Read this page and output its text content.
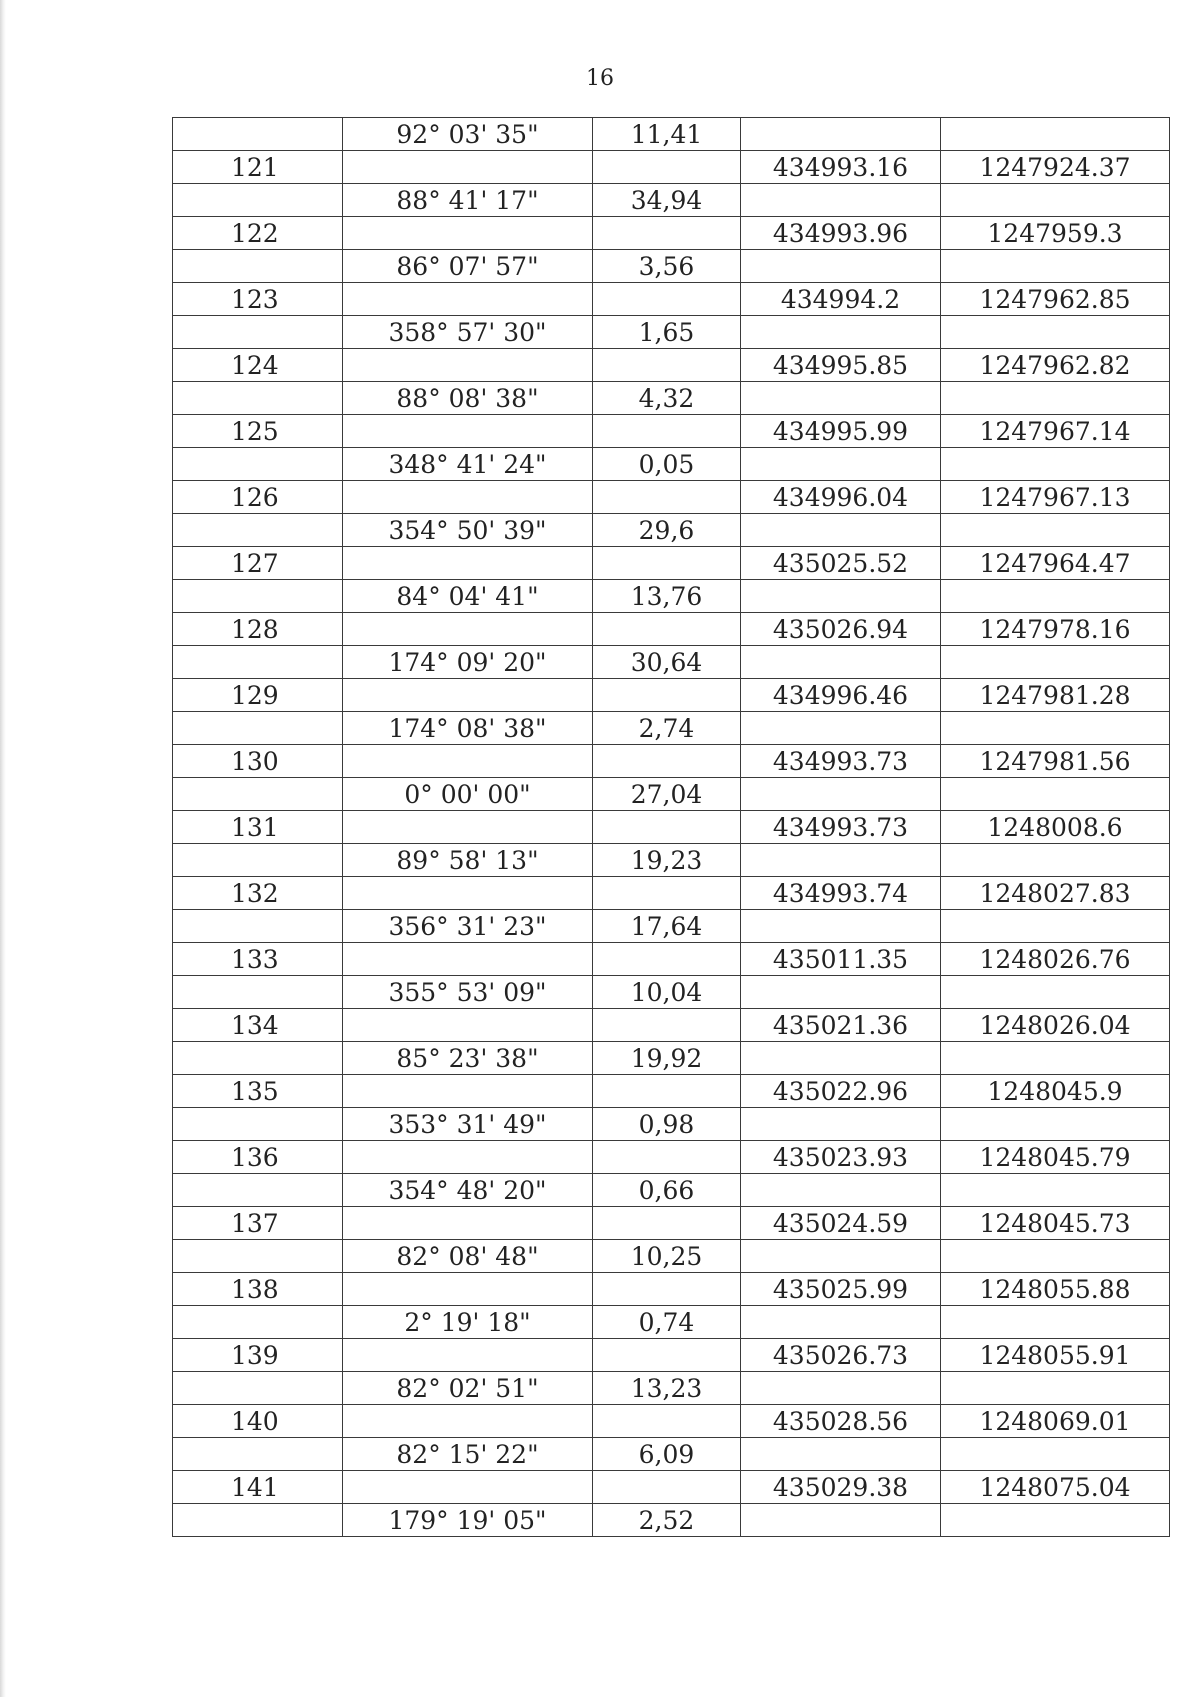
16
	92° 03' 35"	11,41		
121			434993.16	1247924.37
	88° 41' 17"	34,94		
122			434993.96	1247959.3
	86° 07' 57"	3,56		
123			434994.2	1247962.85
	358° 57' 30"	1,65		
124			434995.85	1247962.82
	88° 08' 38"	4,32		
125			434995.99	1247967.14
	348° 41' 24"	0,05		
126			434996.04	1247967.13
	354° 50' 39"	29,6		
127			435025.52	1247964.47
	84° 04' 41"	13,76		
128			435026.94	1247978.16
	174° 09' 20"	30,64		
129			434996.46	1247981.28
	174° 08' 38"	2,74		
130			434993.73	1247981.56
	0° 00' 00"	27,04		
131			434993.73	1248008.6
	89° 58' 13"	19,23		
132			434993.74	1248027.83
	356° 31' 23"	17,64		
133			435011.35	1248026.76
	355° 53' 09"	10,04		
134			435021.36	1248026.04
	85° 23' 38"	19,92		
135			435022.96	1248045.9
	353° 31' 49"	0,98		
136			435023.93	1248045.79
	354° 48' 20"	0,66		
137			435024.59	1248045.73
	82° 08' 48"	10,25		
138			435025.99	1248055.88
	2° 19' 18"	0,74		
139			435026.73	1248055.91
	82° 02' 51"	13,23		
140			435028.56	1248069.01
	82° 15' 22"	6,09		
141			435029.38	1248075.04
	179° 19' 05"	2,52		
